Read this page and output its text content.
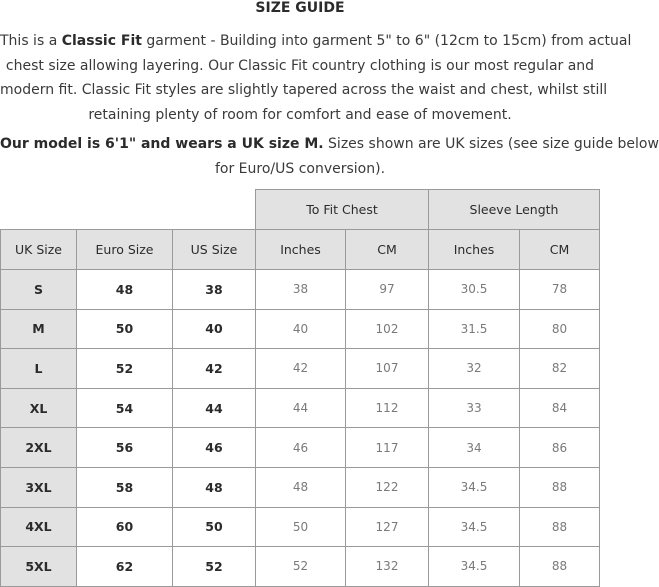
SIZE GUIDE
This is a Classic Fit garment - Building into garment 5" to 6" (12cm to 15cm) from actual
chest size allowing layering. Our Classic Fit country clothing is our most regular and
modern fit. Classic Fit styles are slightly tapered across the waist and chest, whilst still
retaining plenty of room for comfort and ease of movement.
Our model is 6'1" and wears a UK size M. Sizes shown are UK sizes (see size guide below
for Euro/US conversion).
			To Fit Chest		Sleeve Length	
UK Size	Euro Size	US Size	Inches	CM	Inches	CM
S	48	38	38	97	30.5	78
M	50	40	40	102	31.5	80
L	52	42	42	107	32	82
XL	54	44	44	112	33	84
2XL	56	46	46	117	34	86
3XL	58	48	48	122	34.5	88
4XL	60	50	50	127	34.5	88
5XL	62	52	52	132	34.5	88
